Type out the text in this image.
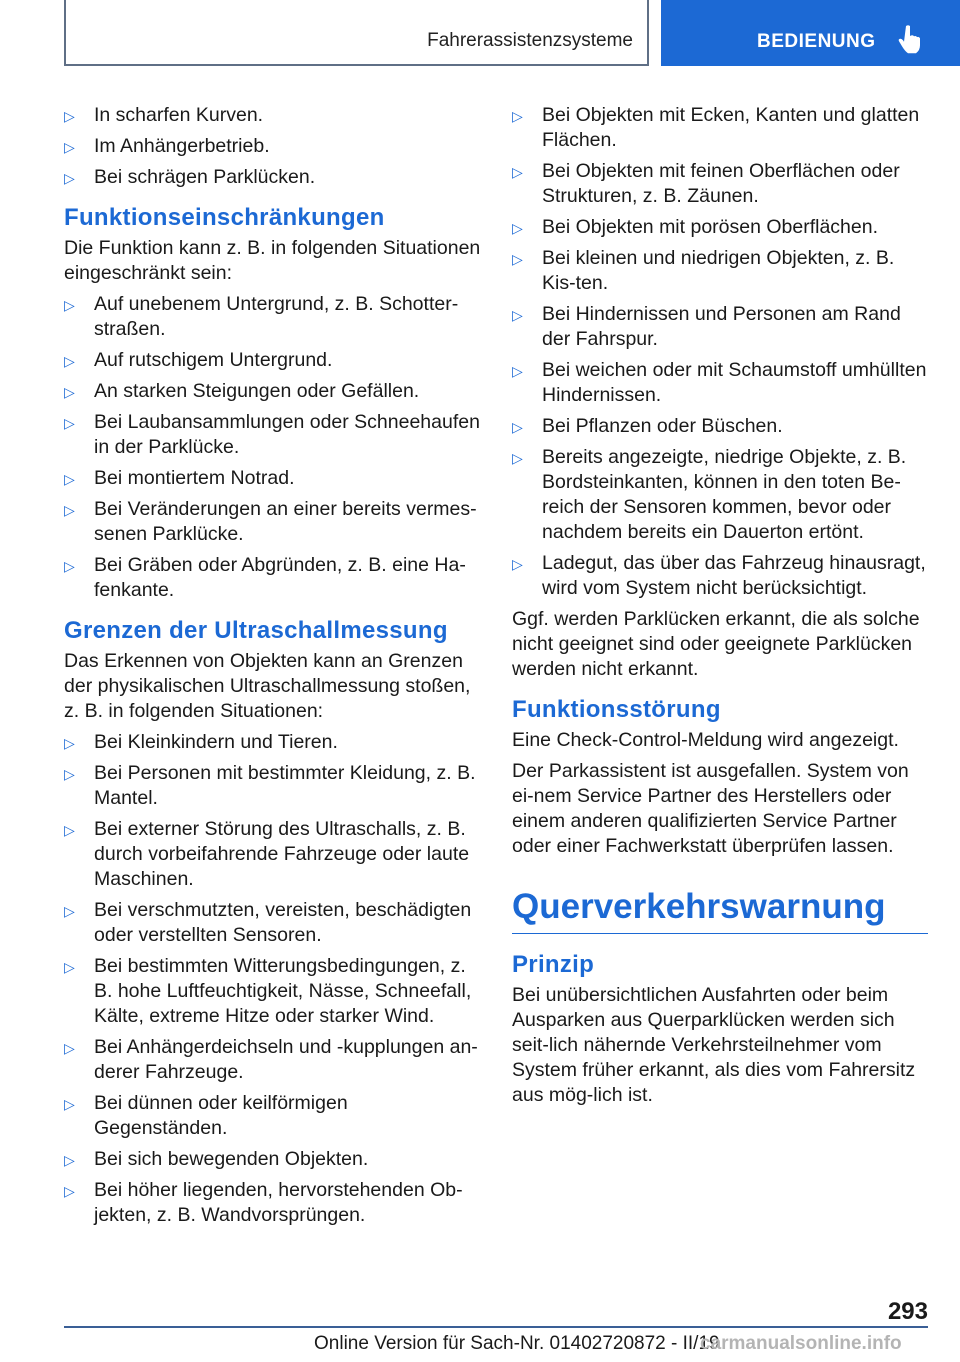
Fahrerassistenzsysteme	BEDIENUNG
▷ In scharfen Kurven.
▷ Im Anhängerbetrieb.
▷ Bei schrägen Parklücken.
Funktionseinschränkungen
Die Funktion kann z. B. in folgenden Situationen eingeschränkt sein:
▷ Auf unebenem Untergrund, z. B. Schotter-straßen.
▷ Auf rutschigem Untergrund.
▷ An starken Steigungen oder Gefällen.
▷ Bei Laubansammlungen oder Schneehaufen in der Parklücke.
▷ Bei montiertem Notrad.
▷ Bei Veränderungen an einer bereits vermes-senen Parklücke.
▷ Bei Gräben oder Abgründen, z. B. eine Ha-fenkante.
Grenzen der Ultraschallmessung
Das Erkennen von Objekten kann an Grenzen der physikalischen Ultraschallmessung stoßen, z. B. in folgenden Situationen:
▷ Bei Kleinkindern und Tieren.
▷ Bei Personen mit bestimmter Kleidung, z. B. Mantel.
▷ Bei externer Störung des Ultraschalls, z. B. durch vorbeifahrende Fahrzeuge oder laute Maschinen.
▷ Bei verschmutzten, vereisten, beschädigten oder verstellten Sensoren.
▷ Bei bestimmten Witterungsbedingungen, z. B. hohe Luftfeuchtigkeit, Nässe, Schneefall, Kälte, extreme Hitze oder starker Wind.
▷ Bei Anhängerdeichseln und -kupplungen an-derer Fahrzeuge.
▷ Bei dünnen oder keilförmigen Gegenständen.
▷ Bei sich bewegenden Objekten.
▷ Bei höher liegenden, hervorstehenden Ob-jekten, z. B. Wandvorsprüngen.
▷ Bei Objekten mit Ecken, Kanten und glatten Flächen.
▷ Bei Objekten mit feinen Oberflächen oder Strukturen, z. B. Zäunen.
▷ Bei Objekten mit porösen Oberflächen.
▷ Bei kleinen und niedrigen Objekten, z. B. Kis-ten.
▷ Bei Hindernissen und Personen am Rand der Fahrspur.
▷ Bei weichen oder mit Schaumstoff umhüllten Hindernissen.
▷ Bei Pflanzen oder Büschen.
▷ Bereits angezeigte, niedrige Objekte, z. B. Bordsteinkanten, können in den toten Be-reich der Sensoren kommen, bevor oder nachdem bereits ein Dauerton ertönt.
▷ Ladegut, das über das Fahrzeug hinausragt, wird vom System nicht berücksichtigt.
Ggf. werden Parklücken erkannt, die als solche nicht geeignet sind oder geeignete Parklücken werden nicht erkannt.
Funktionsstörung
Eine Check-Control-Meldung wird angezeigt.
Der Parkassistent ist ausgefallen. System von ei-nem Service Partner des Herstellers oder einem anderen qualifizierten Service Partner oder einer Fachwerkstatt überprüfen lassen.
Querverkehrswarnung
Prinzip
Bei unübersichtlichen Ausfahrten oder beim Ausparken aus Querparklücken werden sich seit-lich nähernde Verkehrsteilnehmer vom System früher erkannt, als dies vom Fahrersitz aus mög-lich ist.
293
Online Version für Sach-Nr. 01402720872 - II/19
carmanualsonline.info
